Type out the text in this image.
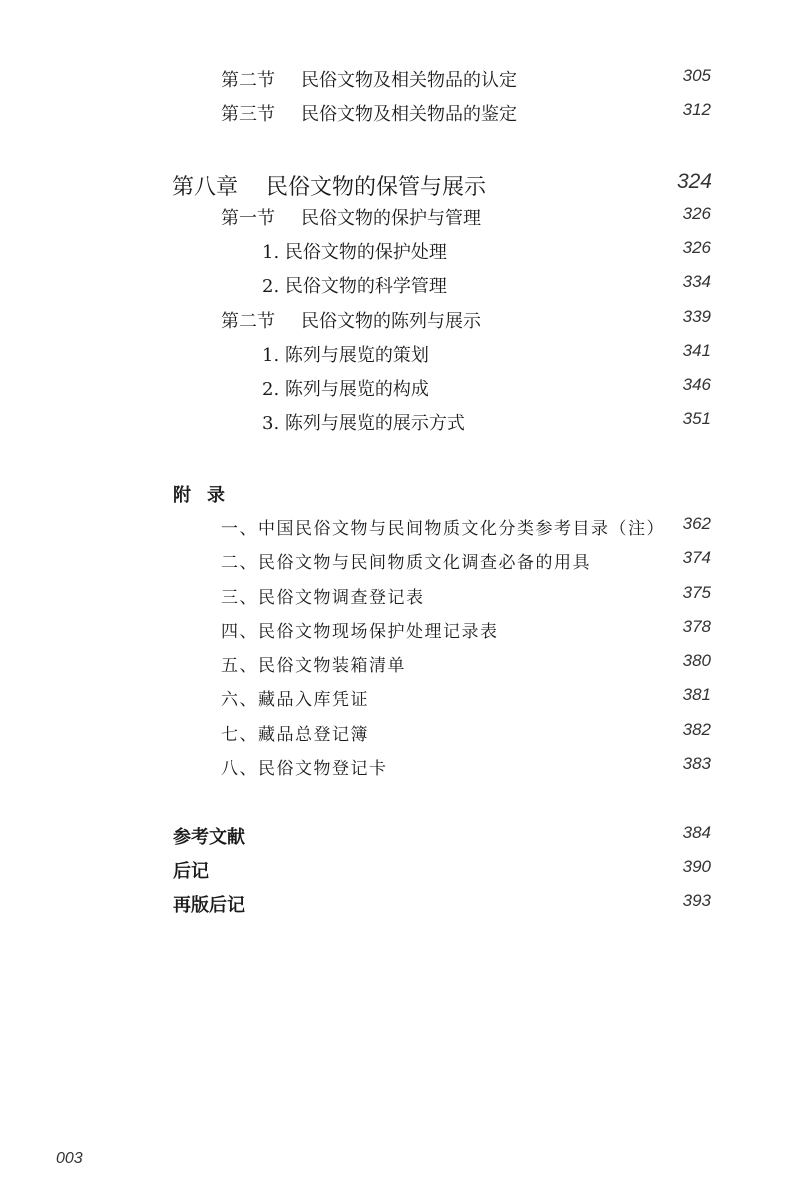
第二节 民俗文物及相关物品的认定	305
第三节 民俗文物及相关物品的鉴定	312
第八章 民俗文物的保管与展示	324
第一节 民俗文物的保护与管理	326
1. 民俗文物的保护处理	326
2. 民俗文物的科学管理	334
第二节 民俗文物的陈列与展示	339
1. 陈列与展览的策划	341
2. 陈列与展览的构成	346
3. 陈列与展览的展示方式	351
附录
一、中国民俗文物与民间物质文化分类参考目录（注） 362
二、民俗文物与民间物质文化调查必备的用具	374
三、民俗文物调查登记表	375
四、民俗文物现场保护处理记录表	378
五、民俗文物装箱清单	380
六、藏品入库凭证	381
七、藏品总登记簿	382
八、民俗文物登记卡	383
参考文献	384
后记	390
再版后记	393
003
